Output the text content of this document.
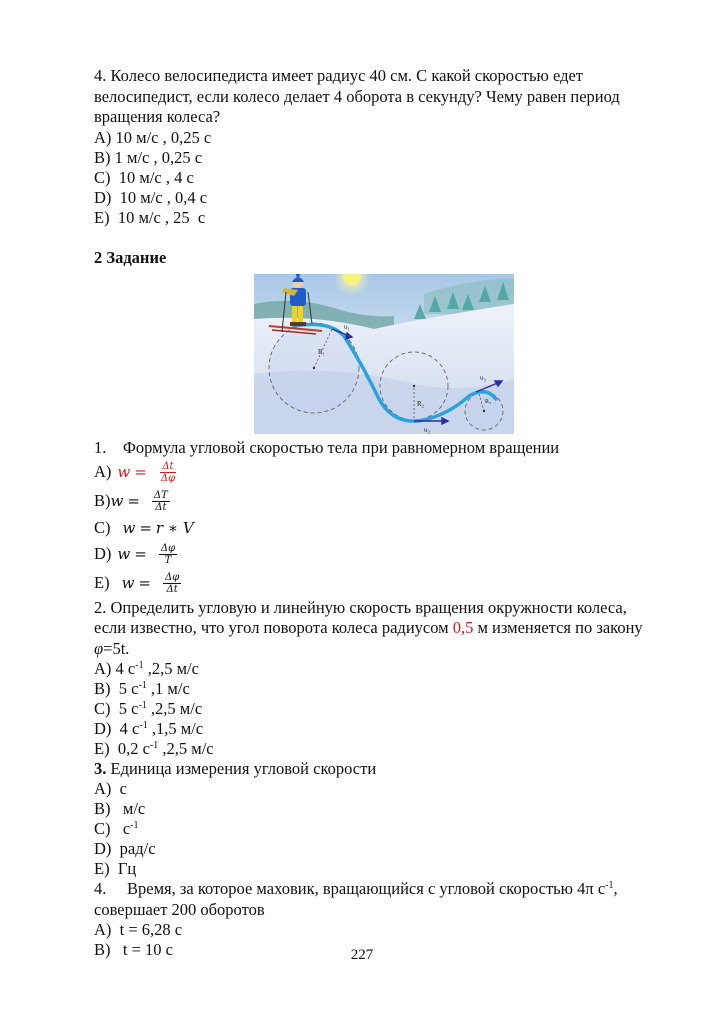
4. Колесо велосипедиста имеет радиус 40 см. С какой скоростью едет велосипедист, если колесо делает 4 оборота в секунду? Чему равен период вращения колеса?
A) 10 м/с , 0,25 с
B) 1 м/с , 0,25 с
C)  10 м/с , 4 с
D)  10 м/с , 0,4 с
E)  10 м/с , 25  с
2 Задание
R₁
R₂	R₃
υ₁
υ₂
υ₃
1. Формула угловой скоростью тела при равномерном вращении
A) $w = \frac{\Delta t}{\Delta\varphi}$
B) $w = \frac{\Delta T}{\Delta t}$
C) w = r ∗ V
D) $w = \frac{\Delta\varphi}{T}$
E) $w = \frac{\Delta\varphi}{\Delta t}$
2. Определить угловую и линейную скорость вращения окружности колеса, если известно, что угол поворота колеса радиусом 0,5 м изменяется по закону φ=5t.
A) 4 $с^{-1}$ ,2,5 м/с
B)  5 $с^{-1}$ ,1 м/с
C)  5 $с^{-1}$ ,2,5 м/с
D)  4 $с^{-1}$ ,1,5 м/с
E)  0,2 $с^{-1}$ ,2,5 м/с
3. Единица измерения угловой скорости
A)  с
B)   м/с
C)   $с^{-1}$
D)  рад/с
E)  Гц
4.     Время, за которое маховик, вращающийся с угловой скоростью 4π $с^{-1}$, совершает 200 оборотов
A)  t = 6,28 с
B)   t = 10 с	227
